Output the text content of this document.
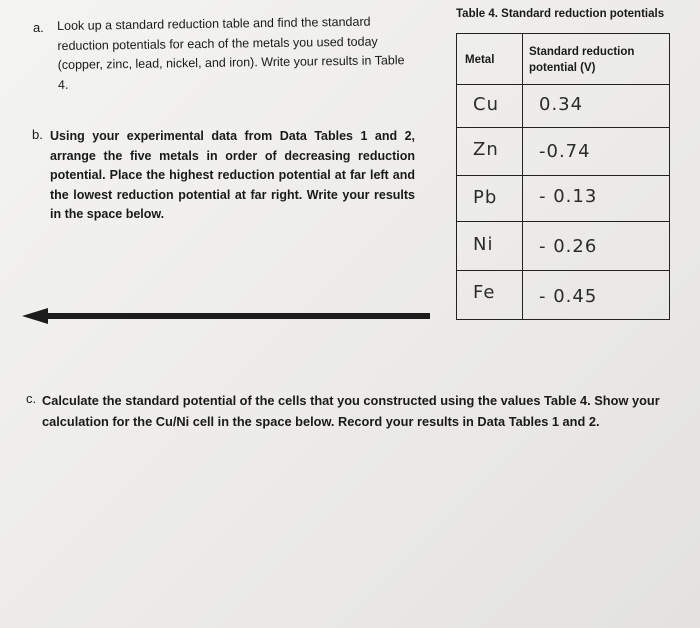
a. Look up a standard reduction table and find the standard reduction potentials for each of the metals you used today (copper, zinc, lead, nickel, and iron). Write your results in Table 4.
b. Using your experimental data from Data Tables 1 and 2, arrange the five metals in order of decreasing reduction potential. Place the highest reduction potential at far left and the lowest reduction potential at far right. Write your results in the space below.
Table 4. Standard reduction potentials
Metal
Standard reduction
potential (V)
Cu 0.34
Zn -0.74
Pb - 0.13
Ni	- 0.26
Fe - 0.45
c. Calculate the standard potential of the cells that you constructed using the values Table 4. Show your calculation for the Cu/Ni cell in the space below. Record your results in Data Tables 1 and 2.
